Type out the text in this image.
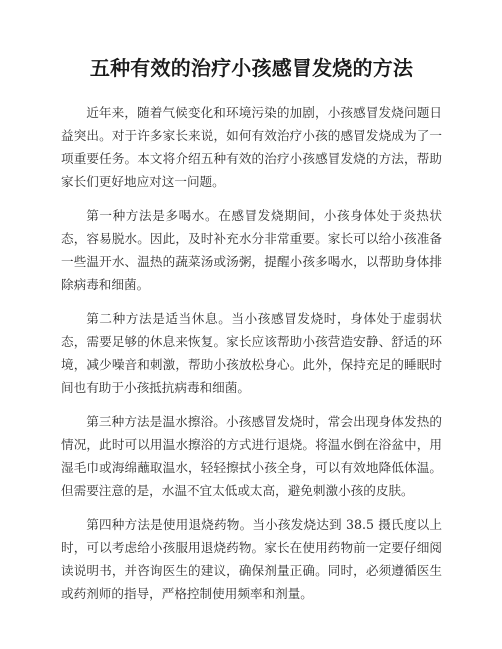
五种有效的治疗小孩感冒发烧的方法

近年来，随着气候变化和环境污染的加剧，小孩感冒发烧问题日益突出。对于许多家长来说，如何有效治疗小孩的感冒发烧成为了一项重要任务。本文将介绍五种有效的治疗小孩感冒发烧的方法，帮助家长们更好地应对这一问题。

第一种方法是多喝水。在感冒发烧期间，小孩身体处于炎热状态，容易脱水。因此，及时补充水分非常重要。家长可以给小孩准备一些温开水、温热的蔬菜汤或汤粥，提醒小孩多喝水，以帮助身体排除病毒和细菌。

第二种方法是适当休息。当小孩感冒发烧时，身体处于虚弱状态，需要足够的休息来恢复。家长应该帮助小孩营造安静、舒适的环境，减少噪音和刺激，帮助小孩放松身心。此外，保持充足的睡眠时间也有助于小孩抵抗病毒和细菌。

第三种方法是温水擦浴。小孩感冒发烧时，常会出现身体发热的情况，此时可以用温水擦浴的方式进行退烧。将温水倒在浴盆中，用湿毛巾或海绵蘸取温水，轻轻擦拭小孩全身，可以有效地降低体温。但需要注意的是，水温不宜太低或太高，避免刺激小孩的皮肤。

第四种方法是使用退烧药物。当小孩发烧达到 38.5 摄氏度以上时，可以考虑给小孩服用退烧药物。家长在使用药物前一定要仔细阅读说明书，并咨询医生的建议，确保剂量正确。同时，必须遵循医生或药剂师的指导，严格控制使用频率和剂量。
